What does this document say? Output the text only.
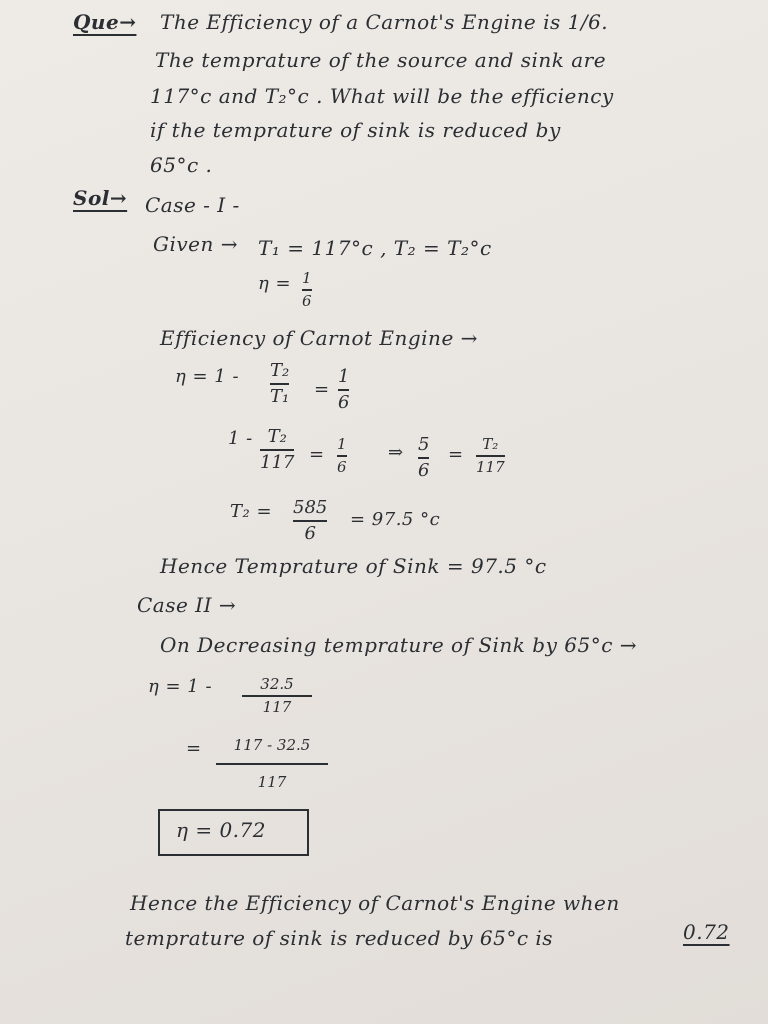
Que→ The Efficiency of a Carnot's Engine is 1/6.
The temprature of the source and sink are
117°c and T₂°c . What will be the efficiency
if the temprature of sink is reduced by
65°c .
Sol→ Case - I -
Given → T₁ = 117°c , T₂ = T₂°c
η = 1
6
Efficiency of Carnot Engine →
η = 1 - T₂
T₁ =
1
6
1 - T₂
117 = 1
6
⇒ 5
6
= T₂
117
T₂ = 585
6
= 97.5 °c
Hence Temprature of Sink = 97.5 °c
Case II →
On Decreasing temprature of Sink by 65°c →
η = 1 -	32.5
117
= 117 - 32.5
117
η = 0.72
Hence the Efficiency of Carnot's Engine when
temprature of sink is reduced by 65°c is	0.72
